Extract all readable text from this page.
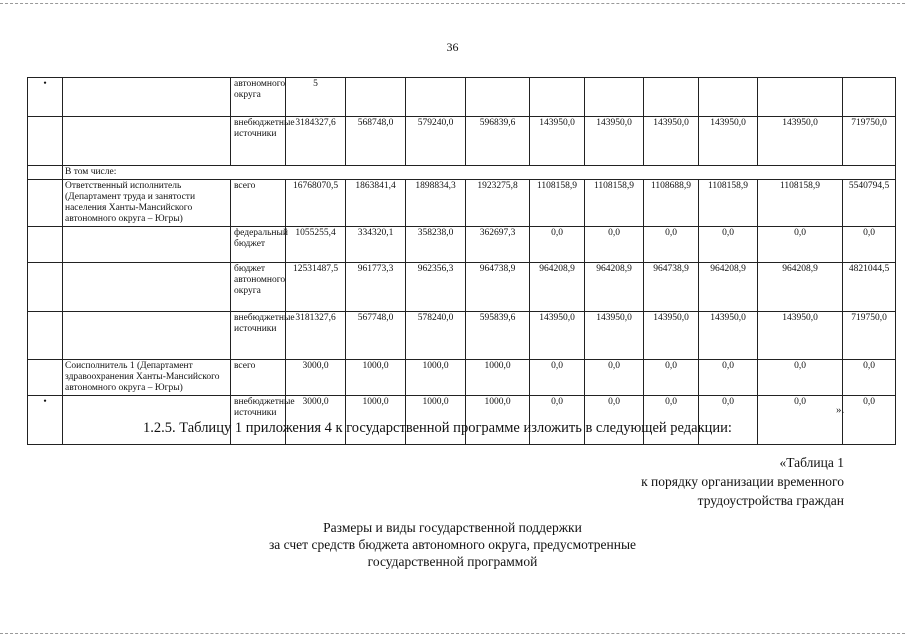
36
•		автономного округа	5									
		внебюджетные источники	3184327,6	568748,0	579240,0	596839,6	143950,0	143950,0	143950,0	143950,0	143950,0	719750,0
	В том числе:											
	Ответственный исполнитель (Департамент труда и занятости населения Ханты-Мансийского автономного округа – Югры)	всего	16768070,5	1863841,4	1898834,3	1923275,8	1108158,9	1108158,9	1108688,9	1108158,9	1108158,9	5540794,5
		федеральный бюджет	1055255,4	334320,1	358238,0	362697,3	0,0	0,0	0,0	0,0	0,0	0,0
		бюджет автономного округа	12531487,5	961773,3	962356,3	964738,9	964208,9	964208,9	964738,9	964208,9	964208,9	4821044,5
		внебюджетные источники	3181327,6	567748,0	578240,0	595839,6	143950,0	143950,0	143950,0	143950,0	143950,0	719750,0
	Соисполнитель 1 (Департамент здравоохранения Ханты-Мансийского автономного округа – Югры)	всего	3000,0	1000,0	1000,0	1000,0	0,0	0,0	0,0	0,0	0,0	0,0
•		внебюджетные источники	3000,0	1000,0	1000,0	1000,0	0,0	0,0	0,0	0,0	0,0	0,0
».
1.2.5. Таблицу 1 приложения 4 к государственной программе изложить в следующей редакции:
«Таблица 1
к порядку организации временного
трудоустройства граждан
Размеры и виды государственной поддержки
за счет средств бюджета автономного округа, предусмотренные
государственной программой
